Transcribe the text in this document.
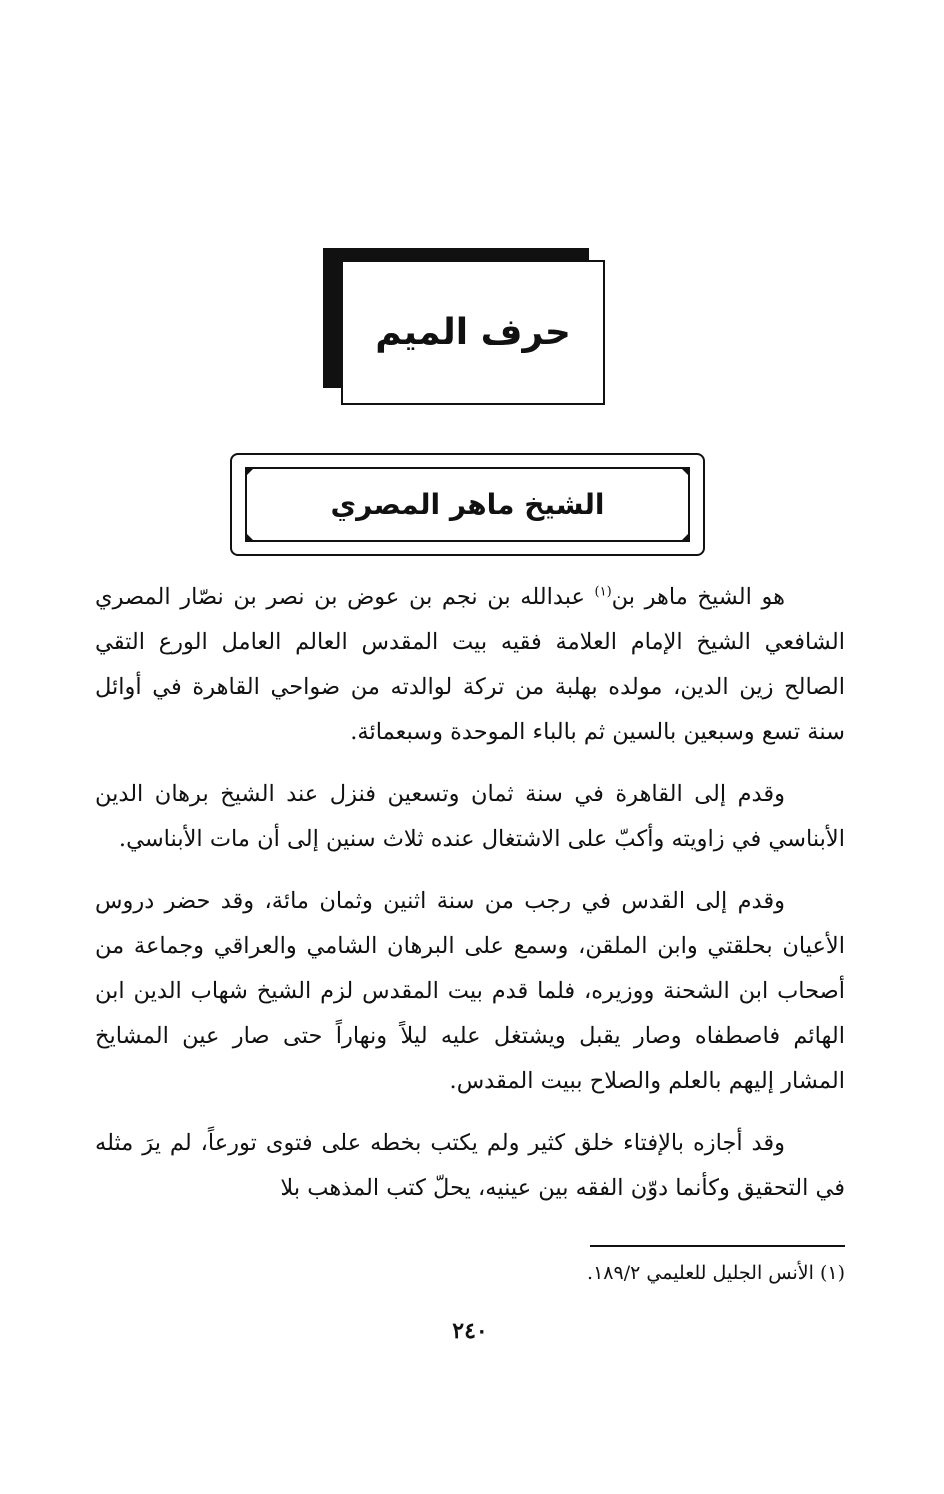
حرف الميم
الشيخ ماهر المصري

هو الشيخ ماهر بن$^{(١)}$ عبدالله بن نجم بن عوض بن نصر بن نصّار المصري الشافعي الشيخ الإمام العلامة فقيه بيت المقدس العالم العامل الورع التقي الصالح زين الدين، مولده بهلبة من تركة لوالدته من ضواحي القاهرة في أوائل سنة تسع وسبعين بالسين ثم بالباء الموحدة وسبعمائة.

وقدم إلى القاهرة في سنة ثمان وتسعين فنزل عند الشيخ برهان الدين الأبناسي في زاويته وأكبّ على الاشتغال عنده ثلاث سنين إلى أن مات الأبناسي.

وقدم إلى القدس في رجب من سنة اثنين وثمان مائة، وقد حضر دروس الأعيان بحلقتي وابن الملقن، وسمع على البرهان الشامي والعراقي وجماعة من أصحاب ابن الشحنة ووزيره، فلما قدم بيت المقدس لزم الشيخ شهاب الدين ابن الهائم فاصطفاه وصار يقبل ويشتغل عليه ليلاً ونهاراً حتى صار عين المشايخ المشار إليهم بالعلم والصلاح ببيت المقدس.

وقد أجازه بالإفتاء خلق كثير ولم يكتب بخطه على فتوى تورعاً، لم يرَ مثله في التحقيق وكأنما دوّن الفقه بين عينيه، يحلّ كتب المذهب بلا

(١) الأنس الجليل للعليمي ١٨٩/٢.
٢٤٠
